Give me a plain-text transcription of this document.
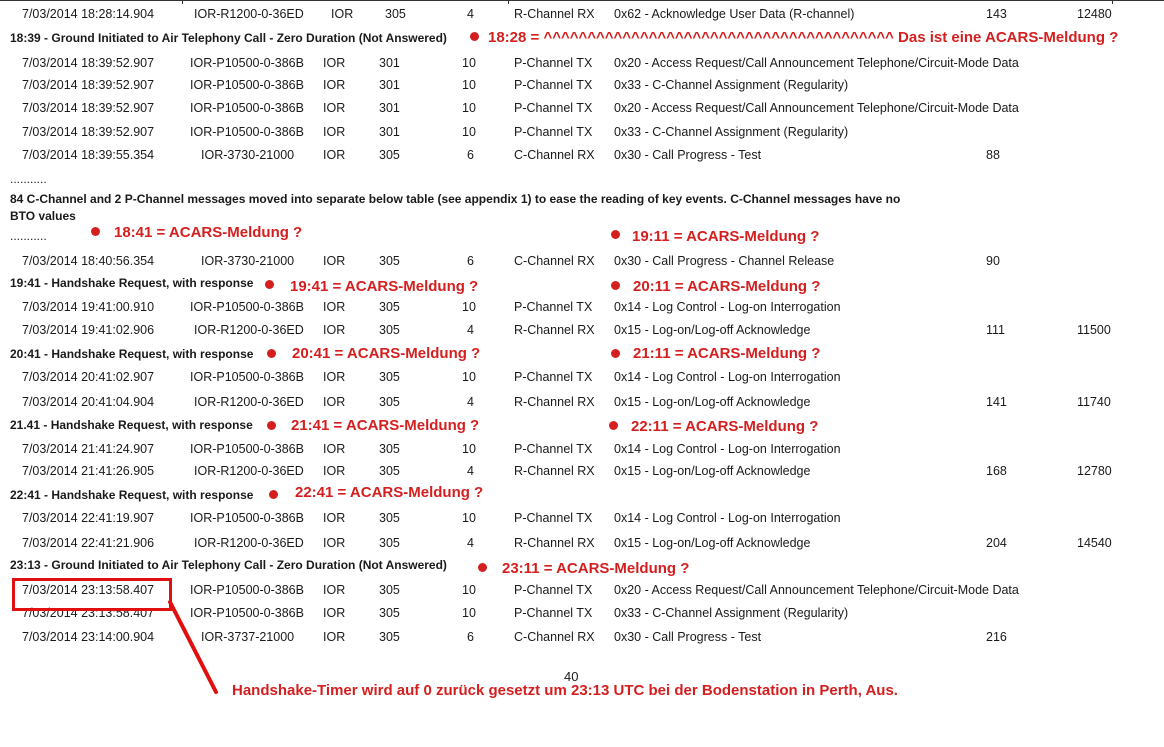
7/03/2014 18:28:14.904	IOR-R1200-0-36ED IOR	305	4	R-Channel RX 0x62 - Acknowledge User Data (R-channel)	143	12480
7/03/2014 18:39:52.907	IOR-P10500-0-386B IOR	301	10	P-Channel TX 0x20 - Access Request/Call Announcement Telephone/Circuit-Mode Data
7/03/2014 18:39:52.907	IOR-P10500-0-386B IOR	301	10	P-Channel TX 0x33 - C-Channel Assignment (Regularity)
7/03/2014 18:39:52.907	IOR-P10500-0-386B IOR	301	10	P-Channel TX 0x20 - Access Request/Call Announcement Telephone/Circuit-Mode Data
7/03/2014 18:39:52.907	IOR-P10500-0-386B IOR	301	10	P-Channel TX 0x33 - C-Channel Assignment (Regularity)
7/03/2014 18:39:55.354	IOR-3730-21000 IOR	305	6	C-Channel RX 0x30 - Call Progress - Test	88
7/03/2014 18:40:56.354	IOR-3730-21000 IOR	305	6	C-Channel RX 0x30 - Call Progress - Channel Release	90
7/03/2014 19:41:00.910	IOR-P10500-0-386B IOR	305	10	P-Channel TX 0x14 - Log Control - Log-on Interrogation
7/03/2014 19:41:02.906	IOR-R1200-0-36ED IOR	305	4	R-Channel RX 0x15 - Log-on/Log-off Acknowledge	111	11500
7/03/2014 20:41:02.907	IOR-P10500-0-386B IOR	305	10	P-Channel TX 0x14 - Log Control - Log-on Interrogation
7/03/2014 20:41:04.904	IOR-R1200-0-36ED IOR	305	4	R-Channel RX 0x15 - Log-on/Log-off Acknowledge	141	11740
7/03/2014 21:41:24.907	IOR-P10500-0-386B IOR	305	10	P-Channel TX 0x14 - Log Control - Log-on Interrogation
7/03/2014 21:41:26.905	IOR-R1200-0-36ED IOR	305	4	R-Channel RX 0x15 - Log-on/Log-off Acknowledge	168	12780
7/03/2014 22:41:19.907	IOR-P10500-0-386B IOR	305	10	P-Channel TX 0x14 - Log Control - Log-on Interrogation
7/03/2014 22:41:21.906	IOR-R1200-0-36ED IOR	305	4	R-Channel RX 0x15 - Log-on/Log-off Acknowledge	204	14540
7/03/2014 23:13:58.407	IOR-P10500-0-386B IOR	305	10	P-Channel TX 0x20 - Access Request/Call Announcement Telephone/Circuit-Mode Data
7/03/2014 23:13:58.407	IOR-P10500-0-386B IOR	305	10	P-Channel TX 0x33 - C-Channel Assignment (Regularity)
7/03/2014 23:14:00.904	IOR-3737-21000 IOR	305	6	C-Channel RX 0x30 - Call Progress - Test	216
18:39 - Ground Initiated to Air Telephony Call - Zero Duration (Not Answered)
19:41 - Handshake Request, with response
20:41 - Handshake Request, with response
21.41 - Handshake Request, with response
22:41 - Handshake Request, with response
23:13 - Ground Initiated to Air Telephony Call - Zero Duration (Not Answered)
...........
84 C-Channel and 2 P-Channel messages moved into separate below table (see appendix 1) to ease the reading of key events. C-Channel messages have no
BTO values
...........
18:28 = ^^^^^^^^^^^^^^^^^^^^^^^^^^^^^^^^^^^^^^^^ Das ist eine ACARS-Meldung ?
18:41 = ACARS-Meldung ?	19:11 = ACARS-Meldung ?
19:41 = ACARS-Meldung ?	20:11 = ACARS-Meldung ?
20:41 = ACARS-Meldung ?	21:11 = ACARS-Meldung ?
21:41 = ACARS-Meldung ?	22:11 = ACARS-Meldung ?
22:41 = ACARS-Meldung ?
23:11 = ACARS-Meldung ?
40
Handshake-Timer wird auf 0 zurück gesetzt um 23:13 UTC bei der Bodenstation in Perth, Aus.
